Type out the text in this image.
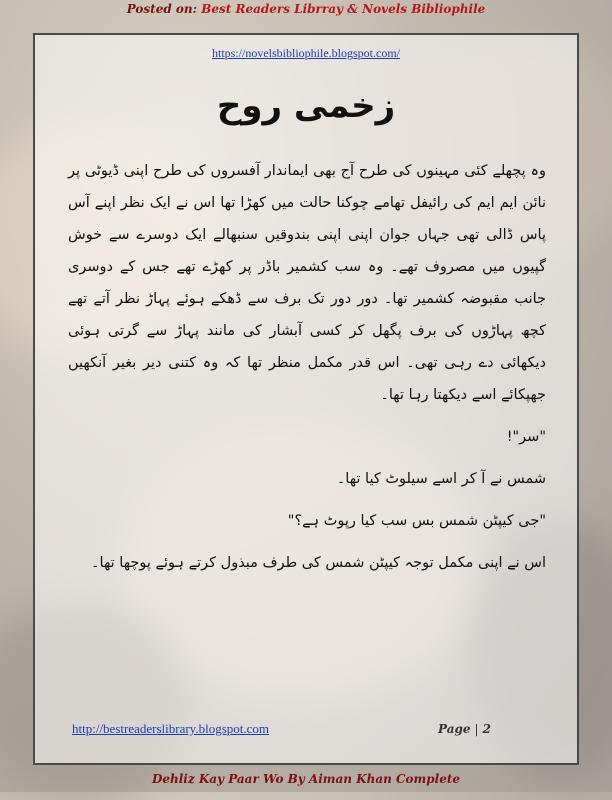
Posted on: Best Readers Librray & Novels Bibliophile
https://novelsbibliophile.blogspot.com/
زخمی روح

وہ پچھلے کئی مہینوں کی طرح آج بھی ایماندار آفسروں کی طرح اپنی ڈیوٹی پر نائن ایم ایم کی رائیفل تھامے چوکنا حالت میں کھڑا تھا اس نے ایک نظر اپنے آس پاس ڈالی تھی جہاں جوان اپنی اپنی بندوقیں سنبھالے ایک دوسرے سے خوش گپیوں میں مصروف تھے۔ وہ سب کشمیر باڈر پر کھڑے تھے جس کے دوسری جانب مقبوضہ کشمیر تھا۔ دور دور تک برف سے ڈھکے ہوئے پہاڑ نظر آتے تھے کچھ پہاڑوں کی برف پگھل کر کسی آبشار کی مانند پہاڑ سے گرتی ہوئی دیکھائی دے رہی تھی۔ اس قدر مکمل منظر تھا کہ وہ کتنی دیر بغیر آنکھیں جھپکائے اسے دیکھتا رہا تھا۔

"سر"!

شمس نے آ کر اسے سیلوٹ کیا تھا۔

"جی کیپٹن شمس بس سب کیا رپوٹ ہے؟"

اس نے اپنی مکمل توجہ کیپٹن شمس کی طرف مبذول کرتے ہوئے پوچھا تھا۔

http://bestreaderslibrary.blogspot.com	Page | 2
Dehliz Kay Paar Wo By Aiman Khan Complete
